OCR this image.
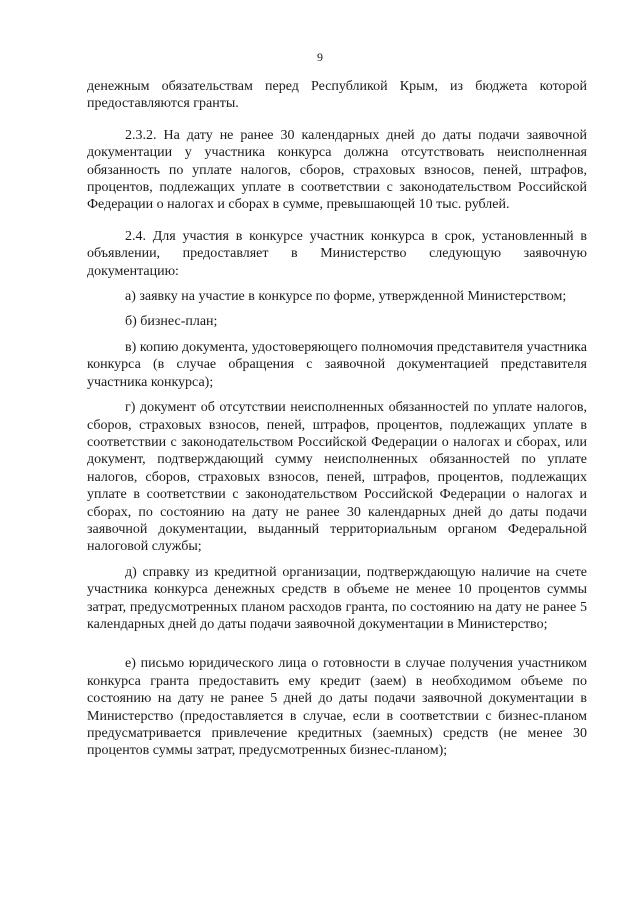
9

денежным обязательствам перед Республикой Крым, из бюджета которой предоставляются гранты.

2.3.2. На дату не ранее 30 календарных дней до даты подачи заявочной документации у участника конкурса должна отсутствовать неисполненная обязанность по уплате налогов, сборов, страховых взносов, пеней, штрафов, процентов, подлежащих уплате в соответствии с законодательством Российской Федерации о налогах и сборах в сумме, превышающей 10 тыс. рублей.

2.4. Для участия в конкурсе участник конкурса в срок, установленный в объявлении, предоставляет в Министерство следующую заявочную документацию:

а) заявку на участие в конкурсе по форме, утвержденной Министерством;

б) бизнес-план;

в) копию документа, удостоверяющего полномочия представителя участника конкурса (в случае обращения с заявочной документацией представителя участника конкурса);

г) документ об отсутствии неисполненных обязанностей по уплате налогов, сборов, страховых взносов, пеней, штрафов, процентов, подлежащих уплате в соответствии с законодательством Российской Федерации о налогах и сборах, или документ, подтверждающий сумму неисполненных обязанностей по уплате налогов, сборов, страховых взносов, пеней, штрафов, процентов, подлежащих уплате в соответствии с законодательством Российской Федерации о налогах и сборах, по состоянию на дату не ранее 30 календарных дней до даты подачи заявочной документации, выданный территориальным органом Федеральной налоговой службы;

д) справку из кредитной организации, подтверждающую наличие на счете участника конкурса денежных средств в объеме не менее 10 процентов суммы затрат, предусмотренных планом расходов гранта, по состоянию на дату не ранее 5 календарных дней до даты подачи заявочной документации в Министерство;

е) письмо юридического лица о готовности в случае получения участником конкурса гранта предоставить ему кредит (заем) в необходимом объеме по состоянию на дату не ранее 5 дней до даты подачи заявочной документации в Министерство (предоставляется в случае, если в соответствии с бизнес-планом предусматривается привлечение кредитных (заемных) средств (не менее 30 процентов суммы затрат, предусмотренных бизнес-планом);
